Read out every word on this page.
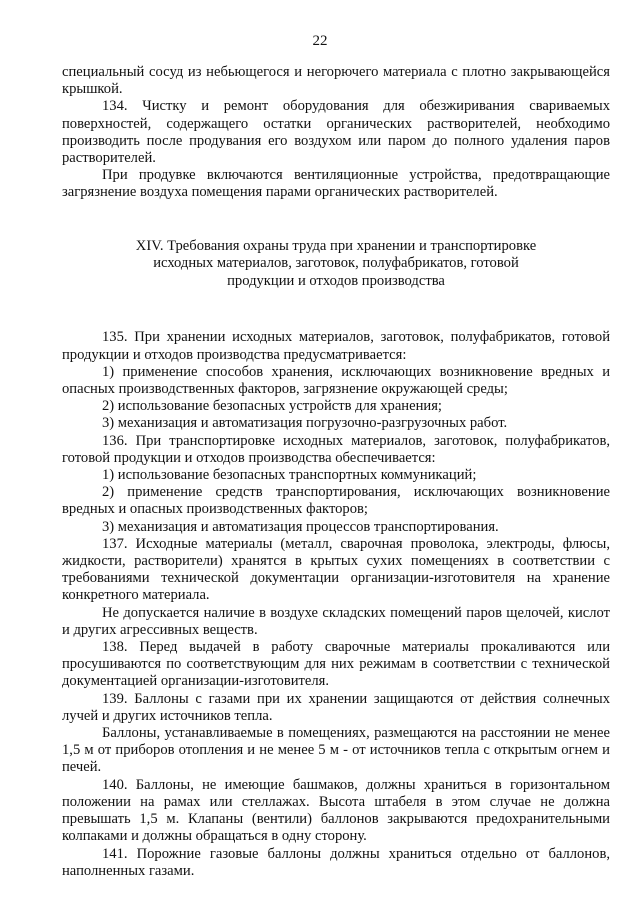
22

специальный сосуд из небьющегося и негорючего материала с плотно закрывающейся крышкой.

134. Чистку и ремонт оборудования для обезжиривания свариваемых поверхностей, содержащего остатки органических растворителей, необходимо производить после продувания его воздухом или паром до полного удаления паров растворителей.

При продувке включаются вентиляционные устройства, предотвращающие загрязнение воздуха помещения парами органических растворителей.

XIV. Требования охраны труда при хранении и транспортировке
исходных материалов, заготовок, полуфабрикатов, готовой
продукции и отходов производства

135. При хранении исходных материалов, заготовок, полуфабрикатов, готовой продукции и отходов производства предусматривается:

1) применение способов хранения, исключающих возникновение вредных и опасных производственных факторов, загрязнение окружающей среды;

2) использование безопасных устройств для хранения;

3) механизация и автоматизация погрузочно-разгрузочных работ.

136. При транспортировке исходных материалов, заготовок, полуфабрикатов, готовой продукции и отходов производства обеспечивается:

1) использование безопасных транспортных коммуникаций;

2) применение средств транспортирования, исключающих возникновение вредных и опасных производственных факторов;

3) механизация и автоматизация процессов транспортирования.

137. Исходные материалы (металл, сварочная проволока, электроды, флюсы, жидкости, растворители) хранятся в крытых сухих помещениях в соответствии с требованиями технической документации организации-изготовителя на хранение конкретного материала.

Не допускается наличие в воздухе складских помещений паров щелочей, кислот и других агрессивных веществ.

138. Перед выдачей в работу сварочные материалы прокаливаются или просушиваются по соответствующим для них режимам в соответствии с технической документацией организации-изготовителя.

139. Баллоны с газами при их хранении защищаются от действия солнечных лучей и других источников тепла.

Баллоны, устанавливаемые в помещениях, размещаются на расстоянии не менее 1,5 м от приборов отопления и не менее 5 м - от источников тепла с открытым огнем и печей.

140. Баллоны, не имеющие башмаков, должны храниться в горизонтальном положении на рамах или стеллажах. Высота штабеля в этом случае не должна превышать 1,5 м. Клапаны (вентили) баллонов закрываются предохранительными колпаками и должны обращаться в одну сторону.

141. Порожние газовые баллоны должны храниться отдельно от баллонов, наполненных газами.
